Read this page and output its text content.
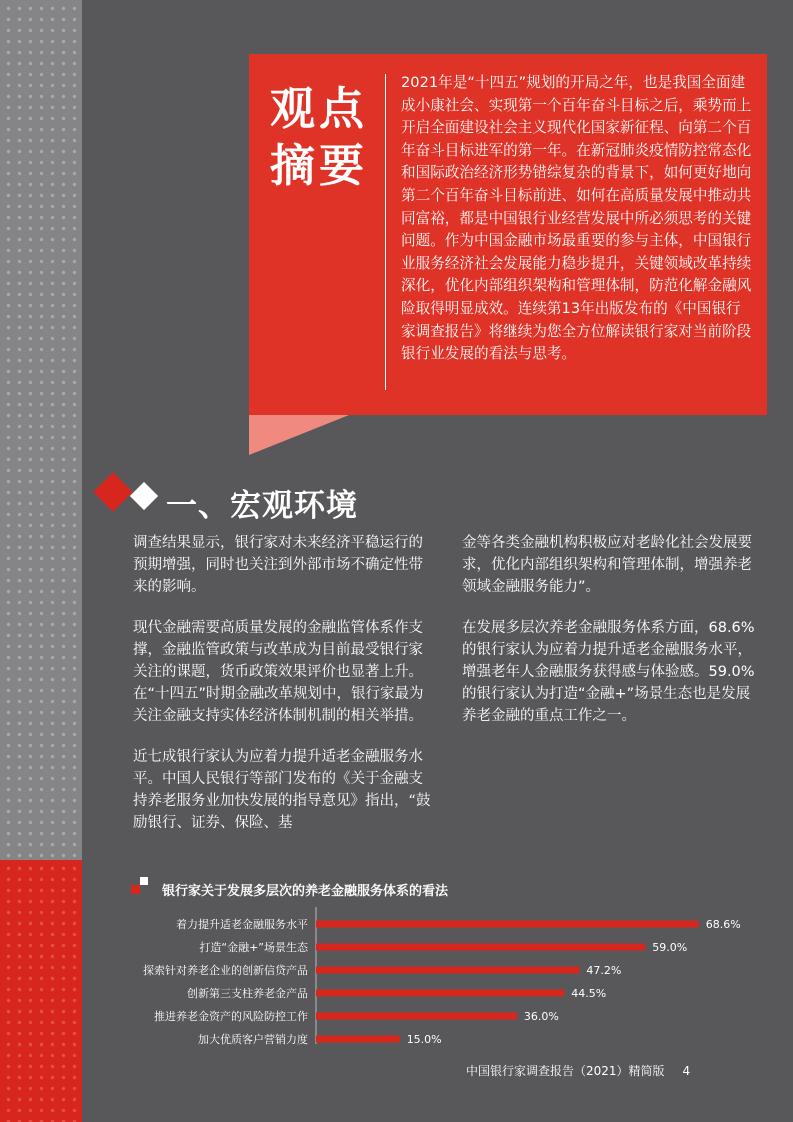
观点
摘要
2021年是“十四五”规划的开局之年，也是我国全面建成小康社会、实现第一个百年奋斗目标之后，乘势而上开启全面建设社会主义现代化国家新征程、向第二个百年奋斗目标进军的第一年。在新冠肺炎疫情防控常态化和国际政治经济形势错综复杂的背景下，如何更好地向第二个百年奋斗目标前进、如何在高质量发展中推动共同富裕，都是中国银行业经营发展中所必须思考的关键问题。作为中国金融市场最重要的参与主体，中国银行业服务经济社会发展能力稳步提升，关键领域改革持续深化，优化内部组织架构和管理体制，防范化解金融风险取得明显成效。连续第13年出版发布的《中国银行家调查报告》将继续为您全方位解读银行家对当前阶段银行业发展的看法与思考。
一、宏观环境

调查结果显示，银行家对未来经济平稳运行的预期增强，同时也关注到外部市场不确定性带来的影响。

现代金融需要高质量发展的金融监管体系作支撑，金融监管政策与改革成为目前最受银行家关注的课题，货币政策效果评价也显著上升。在“十四五”时期金融改革规划中，银行家最为关注金融支持实体经济体制机制的相关举措。

近七成银行家认为应着力提升适老金融服务水平。中国人民银行等部门发布的《关于金融支持养老服务业加快发展的指导意见》指出，“鼓励银行、证券、保险、基

金等各类金融机构积极应对老龄化社会发展要求，优化内部组织架构和管理体制，增强养老领域金融服务能力”。

在发展多层次养老金融服务体系方面，68.6%的银行家认为应着力提升适老金融服务水平，增强老年人金融服务获得感与体验感。59.0%的银行家认为打造“金融+”场景生态也是发展养老金融的重点工作之一。

银行家关于发展多层次的养老金融服务体系的看法
着力提升适老金融服务水平	68.6%
打造“金融+”场景生态	59.0%
探索针对养老企业的创新信贷产品	47.2%
创新第三支柱养老金产品	44.5%
推进养老金资产的风险防控工作	36.0%
加大优质客户营销力度	15.0%
中国银行家调查报告（2021）精简版 4
